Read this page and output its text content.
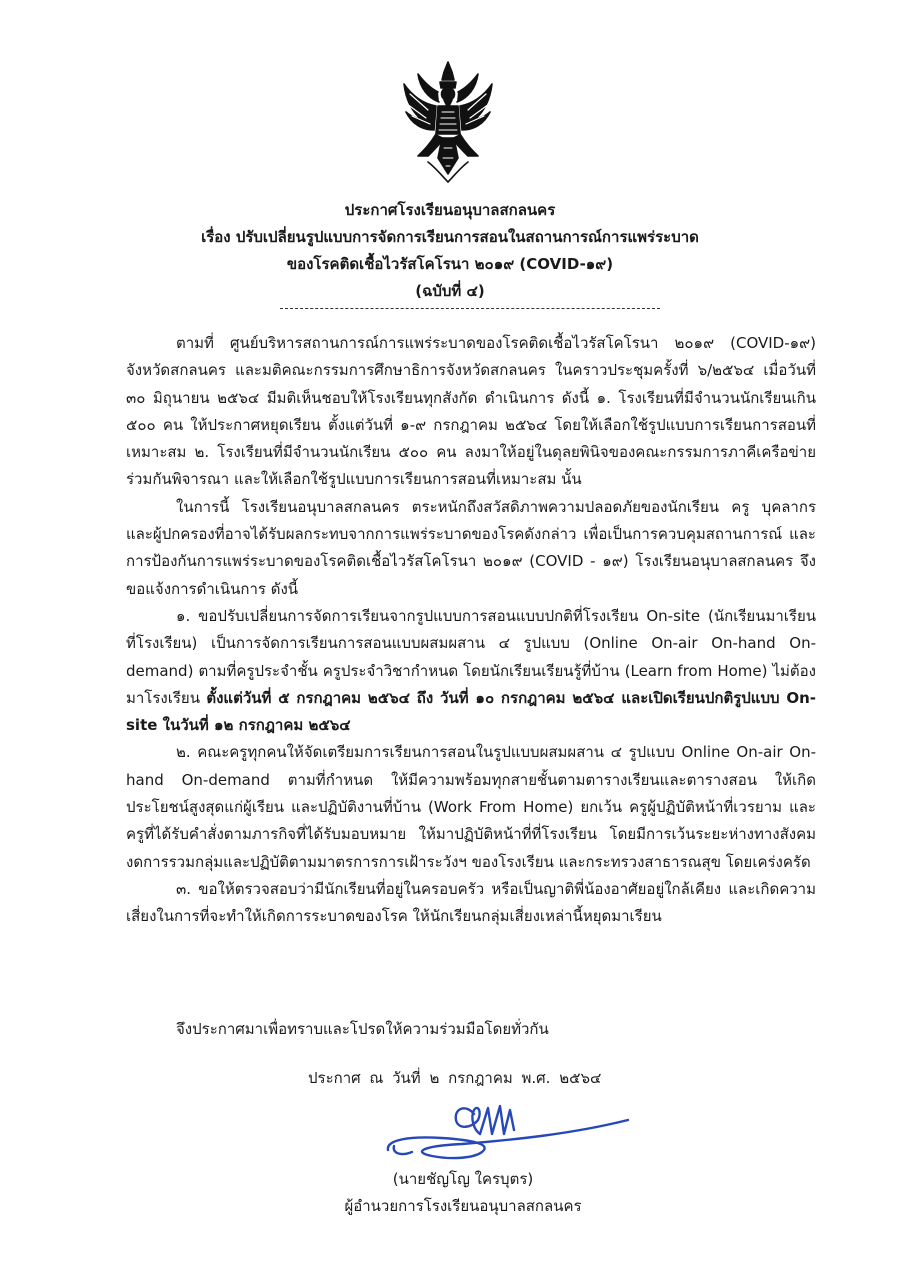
ประกาศโรงเรียนอนุบาลสกลนคร
เรื่อง ปรับเปลี่ยนรูปแบบการจัดการเรียนการสอนในสถานการณ์การแพร่ระบาด
ของโรคติดเชื้อไวรัสโคโรนา ๒๐๑๙ (COVID-๑๙)
(ฉบับที่ ๔)

ตามที่ ศูนย์บริหารสถานการณ์การแพร่ระบาดของโรคติดเชื้อไวรัสโคโรนา ๒๐๑๙ (COVID-๑๙) จังหวัดสกลนคร และมติคณะกรรมการศึกษาธิการจังหวัดสกลนคร ในคราวประชุมครั้งที่ ๖/๒๕๖๔ เมื่อวันที่ ๓๐ มิถุนายน ๒๕๖๔ มีมติเห็นชอบให้โรงเรียนทุกสังกัด ดำเนินการ ดังนี้ ๑. โรงเรียนที่มีจำนวนนักเรียนเกิน ๕๐๐ คน ให้ประกาศหยุดเรียน ตั้งแต่วันที่ ๑-๙ กรกฎาคม ๒๕๖๔ โดยให้เลือกใช้รูปแบบการเรียนการสอนที่เหมาะสม ๒. โรงเรียนที่มีจำนวนนักเรียน ๕๐๐ คน ลงมาให้อยู่ในดุลยพินิจของคณะกรรมการภาคีเครือข่าย ร่วมกันพิจารณา และให้เลือกใช้รูปแบบการเรียนการสอนที่เหมาะสม นั้น

ในการนี้ โรงเรียนอนุบาลสกลนคร ตระหนักถึงสวัสดิภาพความปลอดภัยของนักเรียน ครู บุคลากร และผู้ปกครองที่อาจได้รับผลกระทบจากการแพร่ระบาดของโรคดังกล่าว เพื่อเป็นการควบคุมสถานการณ์ และการป้องกันการแพร่ระบาดของโรคติดเชื้อไวรัสโคโรนา ๒๐๑๙ (COVID - ๑๙) โรงเรียนอนุบาลสกลนคร จึงขอแจ้งการดำเนินการ ดังนี้

๑. ขอปรับเปลี่ยนการจัดการเรียนจากรูปแบบการสอนแบบปกติที่โรงเรียน On-site (นักเรียนมาเรียนที่โรงเรียน) เป็นการจัดการเรียนการสอนแบบผสมผสาน ๔ รูปแบบ (Online On-air On-hand On-demand) ตามที่ครูประจำชั้น ครูประจำวิชากำหนด โดยนักเรียนเรียนรู้ที่บ้าน (Learn from Home) ไม่ต้องมาโรงเรียน ตั้งแต่วันที่ ๕ กรกฎาคม ๒๕๖๔ ถึง วันที่ ๑๐ กรกฎาคม ๒๕๖๔ และเปิดเรียนปกติรูปแบบ On-site ในวันที่ ๑๒ กรกฎาคม ๒๕๖๔

๒. คณะครูทุกคนให้จัดเตรียมการเรียนการสอนในรูปแบบผสมผสาน ๔ รูปแบบ Online On-air On-hand On-demand ตามที่กำหนด ให้มีความพร้อมทุกสายชั้นตามตารางเรียนและตารางสอน ให้เกิดประโยชน์สูงสุดแก่ผู้เรียน และปฏิบัติงานที่บ้าน (Work From Home) ยกเว้น ครูผู้ปฏิบัติหน้าที่เวรยาม และครูที่ได้รับคำสั่งตามภารกิจที่ได้รับมอบหมาย ให้มาปฏิบัติหน้าที่ที่โรงเรียน โดยมีการเว้นระยะห่างทางสังคม งดการรวมกลุ่มและปฏิบัติตามมาตรการการเฝ้าระวังฯ ของโรงเรียน และกระทรวงสาธารณสุข โดยเคร่งครัด

๓. ขอให้ตรวจสอบว่ามีนักเรียนที่อยู่ในครอบครัว หรือเป็นญาติพี่น้องอาศัยอยู่ใกล้เคียง และเกิดความเสี่ยงในการที่จะทำให้เกิดการระบาดของโรค ให้นักเรียนกลุ่มเสี่ยงเหล่านี้หยุดมาเรียน

จึงประกาศมาเพื่อทราบและโปรดให้ความร่วมมือโดยทั่วกัน
ประกาศ ณ วันที่ ๒ กรกฎาคม พ.ศ. ๒๕๖๔
(นายชัญโญ ใครบุตร)
ผู้อำนวยการโรงเรียนอนุบาลสกลนคร
